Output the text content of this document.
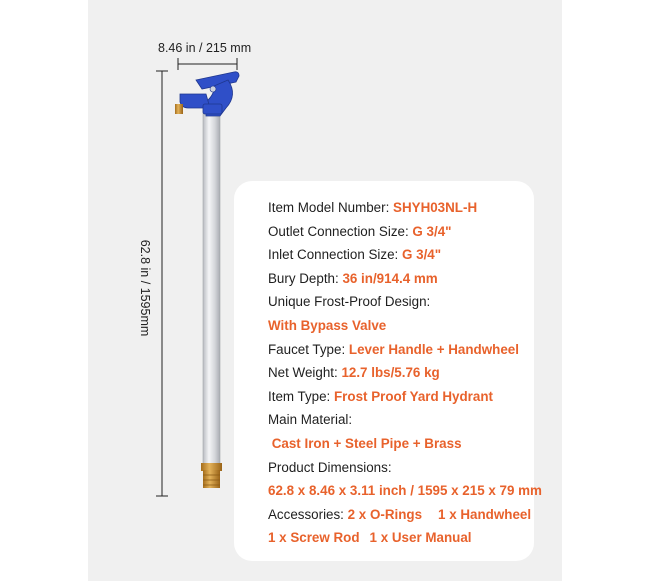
8.46 in / 215 mm
62.8 in / 1595mm
Item Model Number: SHYH03NL-H
Outlet Connection Size: G 3/4"
Inlet Connection Size: G 3/4"
Bury Depth: 36 in/914.4 mm
Unique Frost-Proof Design:
With Bypass Valve
Faucet Type: Lever Handle + Handwheel
Net Weight: 12.7 lbs/5.76 kg
Item Type: Frost Proof Yard Hydrant
Main Material:
Cast Iron + Steel Pipe + Brass
Product Dimensions:
62.8 x 8.46 x 3.11 inch / 1595 x 215 x 79 mm
Accessories: 2 x O-Rings 1 x Handwheel
1 x Screw Rod 1 x User Manual
